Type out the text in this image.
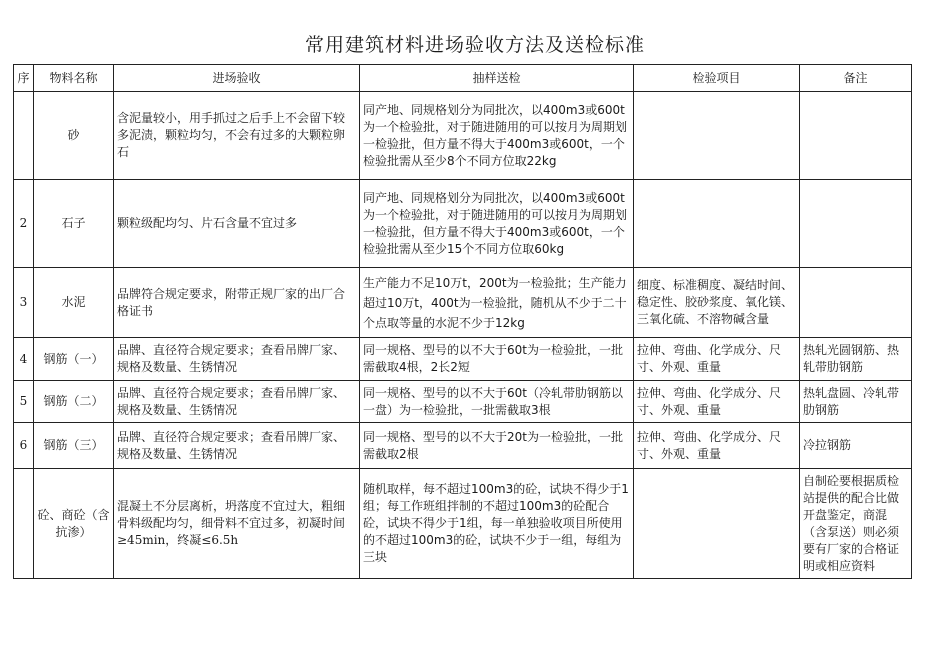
常用建筑材料进场验收方法及送检标准
序	物料名称	进场验收	抽样送检	检验项目	备注
	砂	含泥量较小，用手抓过之后手上不会留下较多泥渍，颗粒均匀，不会有过多的大颗粒卵石	同产地、同规格划分为同批次，以400m3或600t为一个检验批，对于随进随用的可以按月为周期划一检验批，但方量不得大于400m3或600t，一个检验批需从至少8个不同方位取22kg		
2	石子	颗粒级配均匀、片石含量不宜过多	同产地、同规格划分为同批次，以400m3或600t为一个检验批，对于随进随用的可以按月为周期划一检验批，但方量不得大于400m3或600t，一个检验批需从至少15个不同方位取60kg		
3	水泥	品牌符合规定要求，附带正规厂家的出厂合格证书	生产能力不足10万t，200t为一检验批；生产能力超过10万t，400t为一检验批，随机从不少于二十个点取等量的水泥不少于12kg	细度、标准稠度、凝结时间、稳定性、胶砂浆度、氧化镁、三氧化硫、不溶物碱含量	
4	钢筋（一）	品牌、直径符合规定要求；查看吊牌厂家、规格及数量、生锈情况	同一规格、型号的以不大于60t为一检验批，一批需截取4根，2长2短	拉伸、弯曲、化学成分、尺寸、外观、重量	热轧光圆钢筋、热轧带肋钢筋
5	钢筋（二）	品牌、直径符合规定要求；查看吊牌厂家、规格及数量、生锈情况	同一规格、型号的以不大于60t（冷轧带肋钢筋以一盘）为一检验批，一批需截取3根	拉伸、弯曲、化学成分、尺寸、外观、重量	热轧盘圆、冷轧带肋钢筋
6	钢筋（三）	品牌、直径符合规定要求；查看吊牌厂家、规格及数量、生锈情况	同一规格、型号的以不大于20t为一检验批，一批需截取2根	拉伸、弯曲、化学成分、尺寸、外观、重量	冷拉钢筋
	砼、商砼（含抗渗）	混凝土不分层离析，坍落度不宜过大，粗细骨料级配均匀，细骨料不宜过多，初凝时间≥45min，终凝≤6.5h	随机取样，每不超过100m3的砼，试块不得少于1组；每工作班组拌制的不超过100m3的砼配合砼，试块不得少于1组，每一单独验收项目所使用的不超过100m3的砼，试块不少于一组，每组为三块		自制砼要根据质检站提供的配合比做开盘鉴定，商混（含泵送）则必须要有厂家的合格证明或相应资料
